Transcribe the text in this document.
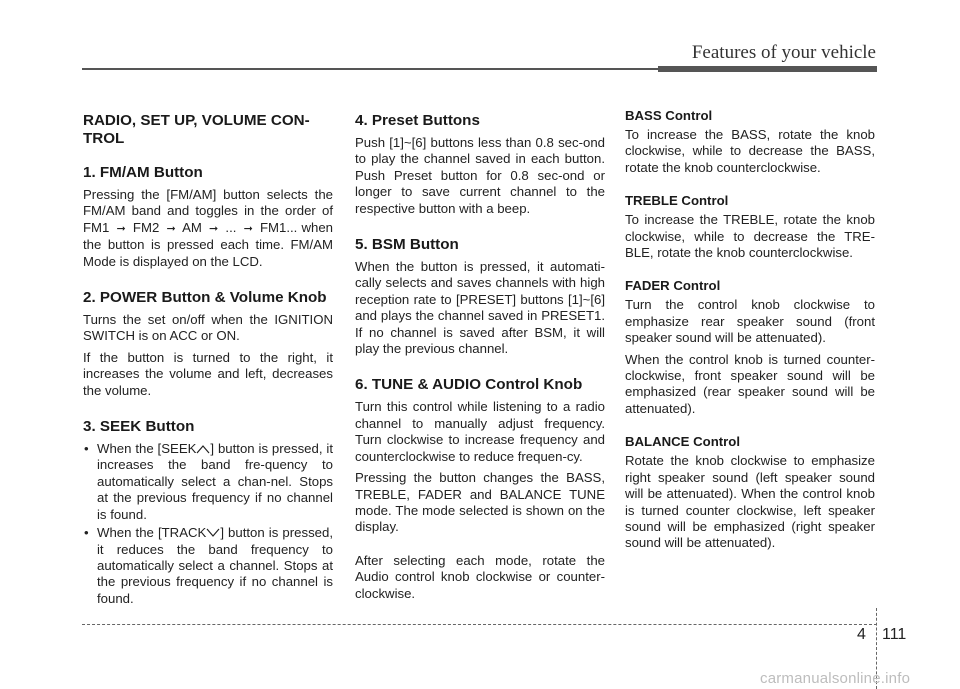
Features of your vehicle
RADIO, SET UP, VOLUME CON-TROL
1. FM/AM Button
Pressing the [FM/AM] button selects the FM/AM band and toggles in the order of FM1 ➞ FM2 ➞ AM ➞ ... ➞ FM1... when the button is pressed each time. FM/AM Mode is displayed on the LCD.
2. POWER Button & Volume Knob
Turns the set on/off when the IGNITION SWITCH is on ACC or ON.
If the button is turned to the right, it increases the volume and left, decreases the volume.
3. SEEK Button
• When the [SEEK ] button is pressed, it increases the band fre-quency to automatically select a chan-nel. Stops at the previous frequency if no channel is found.
• When the [TRACK ] button is pressed, it reduces the band frequency to automatically select a channel. Stops at the previous frequency if no channel is found.
4. Preset Buttons
Push [1]~[6] buttons less than 0.8 sec-ond to play the channel saved in each button. Push Preset button for 0.8 sec-ond or longer to save current channel to the respective button with a beep.
5. BSM Button
When the button is pressed, it automati-cally selects and saves channels with high reception rate to [PRESET] buttons [1]~[6] and plays the channel saved in PRESET1. If no channel is saved after BSM, it will play the previous channel.
6. TUNE & AUDIO Control Knob
Turn this control while listening to a radio channel to manually adjust frequency. Turn clockwise to increase frequency and counterclockwise to reduce frequen-cy.
Pressing the button changes the BASS, TREBLE, FADER and BALANCE TUNE mode. The mode selected is shown on the display.
After selecting each mode, rotate the Audio control knob clockwise or counter-clockwise.
BASS Control
To increase the BASS, rotate the knob clockwise, while to decrease the BASS, rotate the knob counterclockwise.
TREBLE Control
To increase the TREBLE, rotate the knob clockwise, while to decrease the TRE-BLE, rotate the knob counterclockwise.
FADER Control
Turn the control knob clockwise to emphasize rear speaker sound (front speaker sound will be attenuated).
When the control knob is turned counter-clockwise, front speaker sound will be emphasized (rear speaker sound will be attenuated).
BALANCE Control
Rotate the knob clockwise to emphasize right speaker sound (left speaker sound will be attenuated). When the control knob is turned counter clockwise, left speaker sound will be emphasized (right speaker sound will be attenuated).
4 111
carmanualsonline.info
